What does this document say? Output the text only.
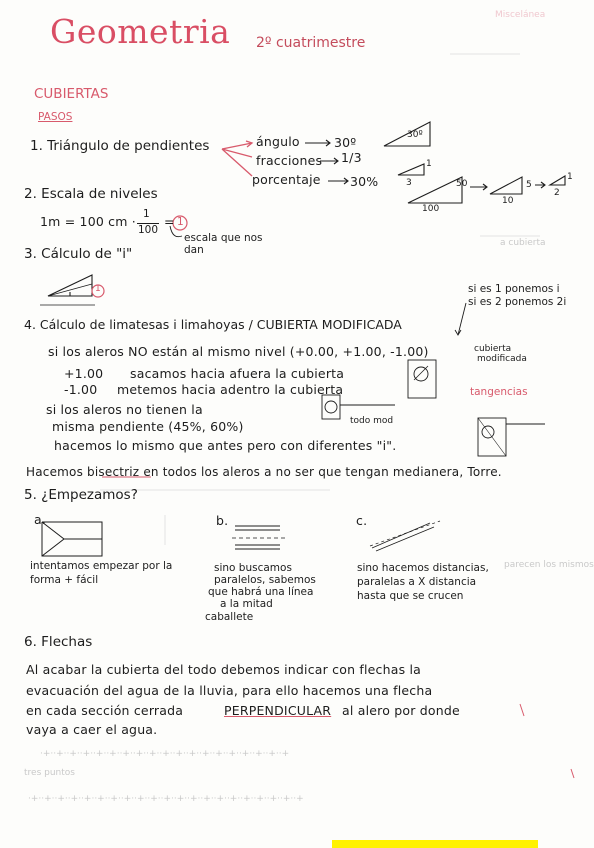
Geometria 2º cuatrimestre
Miscelánea
CUBIERTAS
PASOS
1. Triángulo de pendientes	ángulo	30º
fracciones 1/3
porcentaje 30%
30º
1
3	50
100
10
5
1
2
2. Escala de niveles
1m = 100 cm · 1
100
= 1
escala que nos dan
3. Cálculo de "i"
1	si es 1 ponemos i
si es 2 ponemos 2i
4. Cálculo de limatesas i limahoyas / CUBIERTA MODIFICADA
si los aleros NO están al mismo nivel (+0.00, +1.00, -1.00)
+1.00 sacamos hacia afuera la cubierta
-1.00 metemos hacia adentro la cubierta
si los aleros no tienen la
misma pendiente (45%, 60%)
hacemos lo mismo que antes pero con diferentes "i".
cubierta
modificada
tangencias
todo mod
Hacemos bisectriz en todos los aleros a no ser que tengan medianera, Torre.
5. ¿Empezamos?
a.
intentamos empezar por la
forma + fácil
b.
sino buscamos
paralelos, sabemos
que habrá una línea
a la mitad
caballete
c.
sino hacemos distancias,
paralelas a X distancia
hasta que se crucen
6. Flechas
Al acabar la cubierta del todo debemos indicar con flechas la
evacuación del agua de la lluvia, para ello hacemos una flecha
en cada sección cerrada	PERPENDICULAR al alero por donde
vaya a caer el agua.
a cubierta
parecen los mismos
tres puntos
·+··+··+··+··+··+··+··+··+··+··+··+··+··+··+··+··+··+··+
·+··+··+··+··+··+··+··+··+··+··+··+··+··+··+··+··+··+··+··+··+
